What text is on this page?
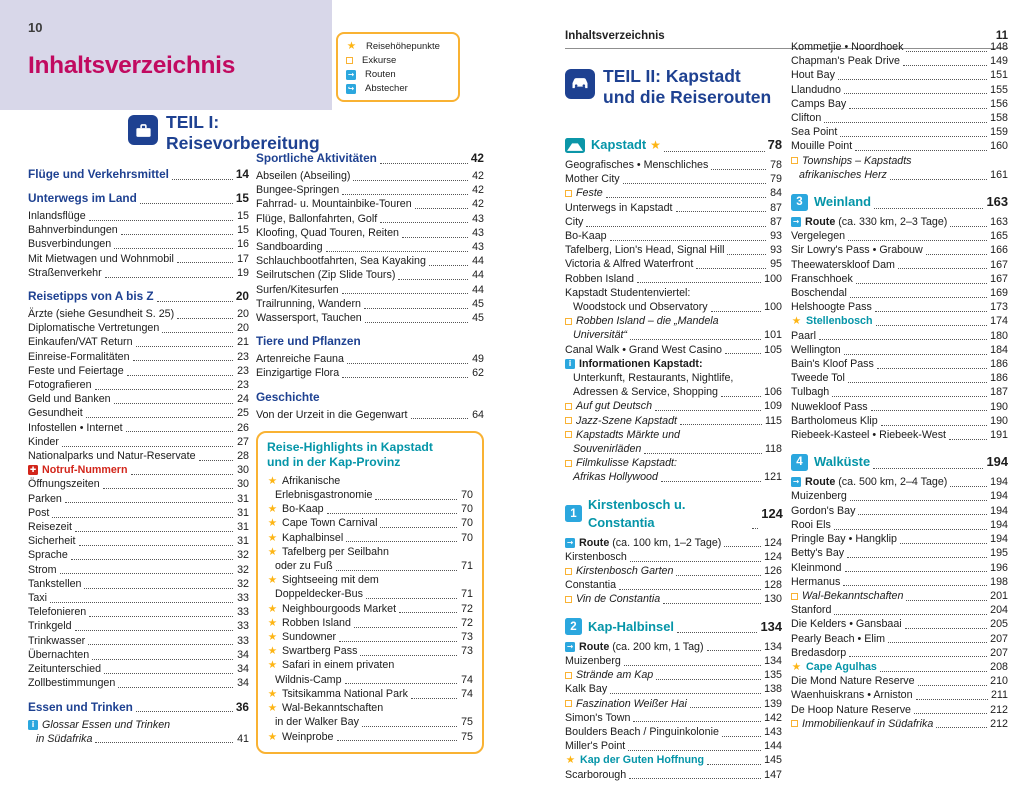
10
Inhaltsverzeichnis
★ Reisehöhepunkte
Exkurse
→ Routen
↪ Abstecher
TEIL I:
Reisevorbereitung
Flüge und Verkehrsmittel	14
Unterwegs im Land	15
Inlandsflüge	15
Bahnverbindungen	15
Busverbindungen	16
Mit Mietwagen und Wohnmobil	17
Straßenverkehr	19
Reisetipps von A bis Z	20
Ärzte (siehe Gesundheit S. 25)	20
Diplomatische Vertretungen	20
Einkaufen/VAT Return	21
Einreise-Formalitäten	23
Feste und Feiertage	23
Fotografieren	23
Geld und Banken	24
Gesundheit	25
Infostellen • Internet	26
Kinder	27
Nationalparks und Natur-Reservate	28
✚ Notruf-Nummern	30
Öffnungszeiten	30
Parken	31
Post	31
Reisezeit	31
Sicherheit	31
Sprache	32
Strom	32
Tankstellen	32
Taxi	33
Telefonieren	33
Trinkgeld	33
Trinkwasser	33
Übernachten	34
Zeitunterschied	34
Zollbestimmungen	34
Essen und Trinken	36
i Glossar Essen und Trinken
in Südafrika	41
Sportliche Aktivitäten	42
Abseilen (Abseiling)	42
Bungee-Springen	42
Fahrrad- u. Mountainbike-Touren	42
Flüge, Ballonfahrten, Golf	43
Kloofing, Quad Touren, Reiten	43
Sandboarding	43
Schlauchbootfahrten, Sea Kayaking	44
Seilrutschen (Zip Slide Tours)	44
Surfen/Kitesurfen	44
Trailrunning, Wandern	45
Wassersport, Tauchen	45
Tiere und Pflanzen
Artenreiche Fauna	49
Einzigartige Flora	62
Geschichte
Von der Urzeit in die Gegenwart	64
Reise-Highlights in Kapstadt
und in der Kap-Provinz
★ Afrikanische
Erlebnisgastronomie	70
★ Bo-Kaap	70
★ Cape Town Carnival	70
★ Kaphalbinsel	70
★ Tafelberg per Seilbahn
oder zu Fuß	71
★ Sightseeing mit dem
Doppeldecker-Bus	71
★ Neighbourgoods Market	72
★ Robben Island	72
★ Sundowner	73
★ Swartberg Pass	73
★ Safari in einem privaten
Wildnis-Camp	74
★ Tsitsikamma National Park	74
★ Wal-Bekanntschaften
in der Walker Bay	75
★ Weinprobe	75
Inhaltsverzeichnis	11
TEIL II: Kapstadt
und die Reiserouten
Kapstadt ★	78
Geografisches • Menschliches	78
Mother City	79
Feste	84
Unterwegs in Kapstadt	87
City	87
Bo-Kaap	93
Tafelberg, Lion's Head, Signal Hill	93
Victoria & Alfred Waterfront	95
Robben Island	100
Kapstadt Studentenviertel:
Woodstock und Observatory	100
Robben Island – die „Mandela
Universität“	101
Canal Walk • Grand West Casino	105
i Informationen Kapstadt:
Unterkunft, Restaurants, Nightlife,
Adressen & Service, Shopping	106
Auf gut Deutsch	109
Jazz-Szene Kapstadt	115
Kapstadts Märkte und
Souvenirläden	118
Filmkulisse Kapstadt:
Afrikas Hollywood	121
1
Kirstenbosch u. Constantia
124
→ Route (ca. 100 km, 1–2 Tage)	124
Kirstenbosch	124
Kirstenbosch Garten	126
Constantia	128
Vin de Constantia	130
2 Kap-Halbinsel	134
→ Route (ca. 200 km, 1 Tag)	134
Muizenberg	134
Strände am Kap	135
Kalk Bay	138
Faszination Weißer Hai	139
Simon's Town	142
Boulders Beach / Pinguinkolonie	143
Miller's Point	144
★ Kap der Guten Hoffnung	145
Scarborough	147
Kommetjie • Noordhoek	148
Chapman's Peak Drive	149
Hout Bay	151
Llandudno	155
Camps Bay	156
Clifton	158
Sea Point	159
Mouille Point	160
Townships – Kapstadts
afrikanisches Herz	161
3 Weinland	163
→ Route (ca. 330 km, 2–3 Tage)	163
Vergelegen	165
Sir Lowry's Pass • Grabouw	166
Theewaterskloof Dam	167
Franschhoek	167
Boschendal	169
Helshoogte Pass	173
★ Stellenbosch	174
Paarl	180
Wellington	184
Bain's Kloof Pass	186
Tweede Tol	186
Tulbagh	187
Nuwekloof Pass	190
Bartholomeus Klip	190
Riebeek-Kasteel • Riebeek-West	191
4 Walküste	194
→ Route (ca. 500 km, 2–4 Tage)	194
Muizenberg	194
Gordon's Bay	194
Rooi Els	194
Pringle Bay • Hangklip	194
Betty's Bay	195
Kleinmond	196
Hermanus	198
Wal-Bekanntschaften	201
Stanford	204
Die Kelders • Gansbaai	205
Pearly Beach • Elim	207
Bredasdorp	207
★ Cape Agulhas	208
Die Mond Nature Reserve	210
Waenhuiskrans • Arniston	211
De Hoop Nature Reserve	212
Immobilienkauf in Südafrika	212
